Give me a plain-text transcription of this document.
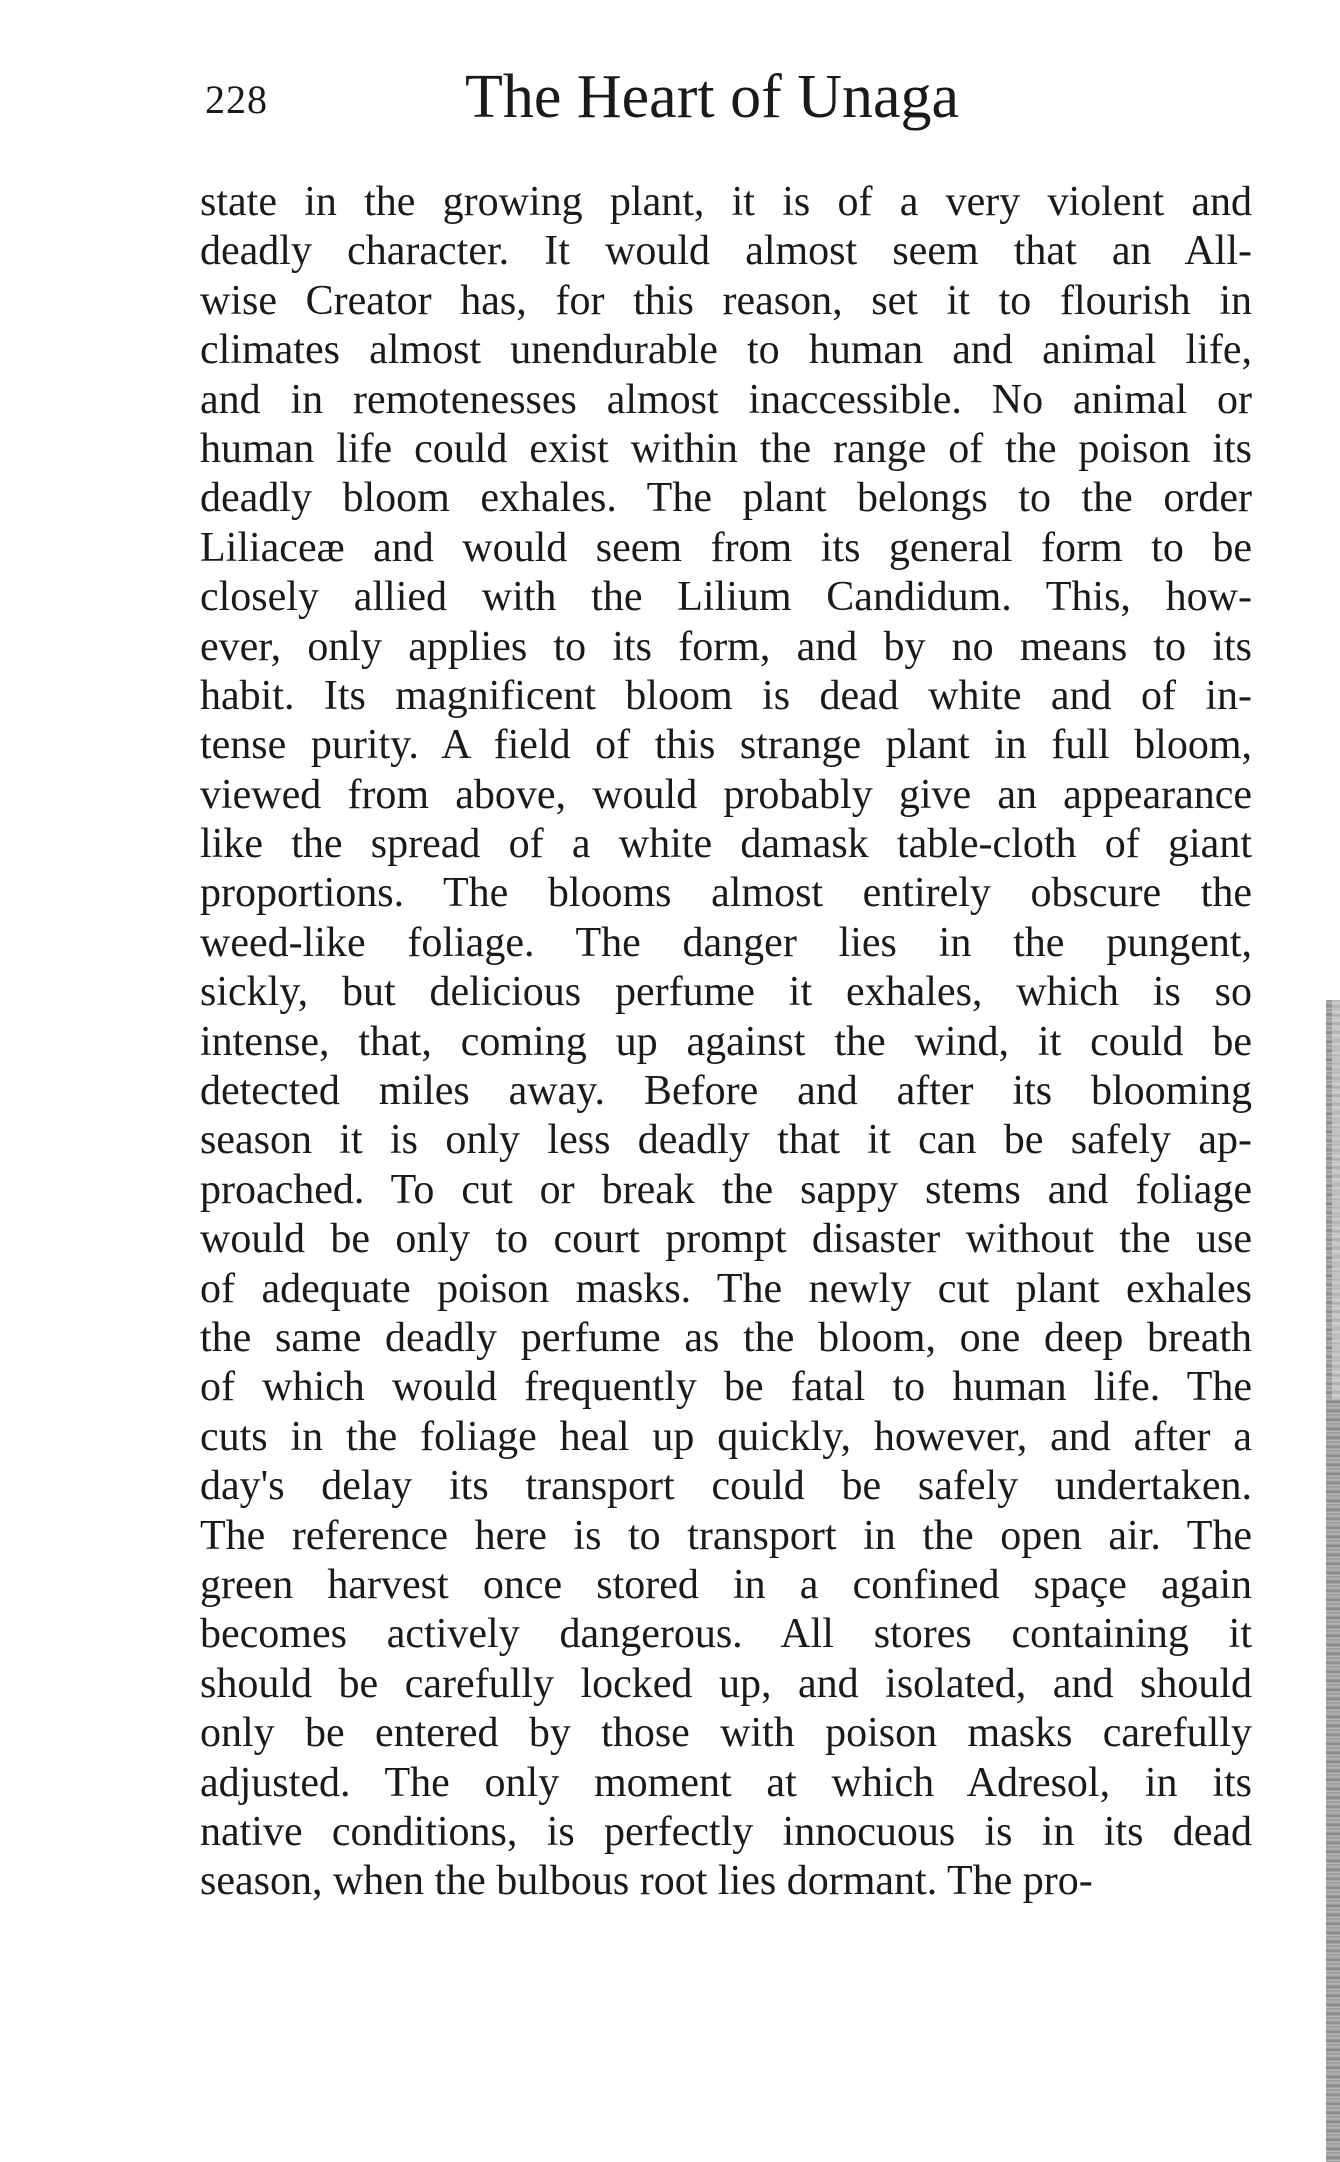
228	The Heart of Unaga
state in the growing plant, it is of a very violent and
deadly character. It would almost seem that an All-
wise Creator has, for this reason, set it to flourish in
climates almost unendurable to human and animal life,
and in remotenesses almost inaccessible. No animal or
human life could exist within the range of the poison its
deadly bloom exhales. The plant belongs to the order
Liliaceæ and would seem from its general form to be
closely allied with the Lilium Candidum. This, how-
ever, only applies to its form, and by no means to its
habit. Its magnificent bloom is dead white and of in-
tense purity. A field of this strange plant in full bloom,
viewed from above, would probably give an appearance
like the spread of a white damask table-cloth of giant
proportions. The blooms almost entirely obscure the
weed-like foliage. The danger lies in the pungent,
sickly, but delicious perfume it exhales, which is so
intense, that, coming up against the wind, it could be
detected miles away. Before and after its blooming
season it is only less deadly that it can be safely ap-
proached. To cut or break the sappy stems and foliage
would be only to court prompt disaster without the use
of adequate poison masks. The newly cut plant exhales
the same deadly perfume as the bloom, one deep breath
of which would frequently be fatal to human life. The
cuts in the foliage heal up quickly, however, and after a
day's delay its transport could be safely undertaken.
The reference here is to transport in the open air. The
green harvest once stored in a confined spaçe again
becomes actively dangerous. All stores containing it
should be carefully locked up, and isolated, and should
only be entered by those with poison masks carefully
adjusted. The only moment at which Adresol, in its
native conditions, is perfectly innocuous is in its dead
season, when the bulbous root lies dormant. The pro-
